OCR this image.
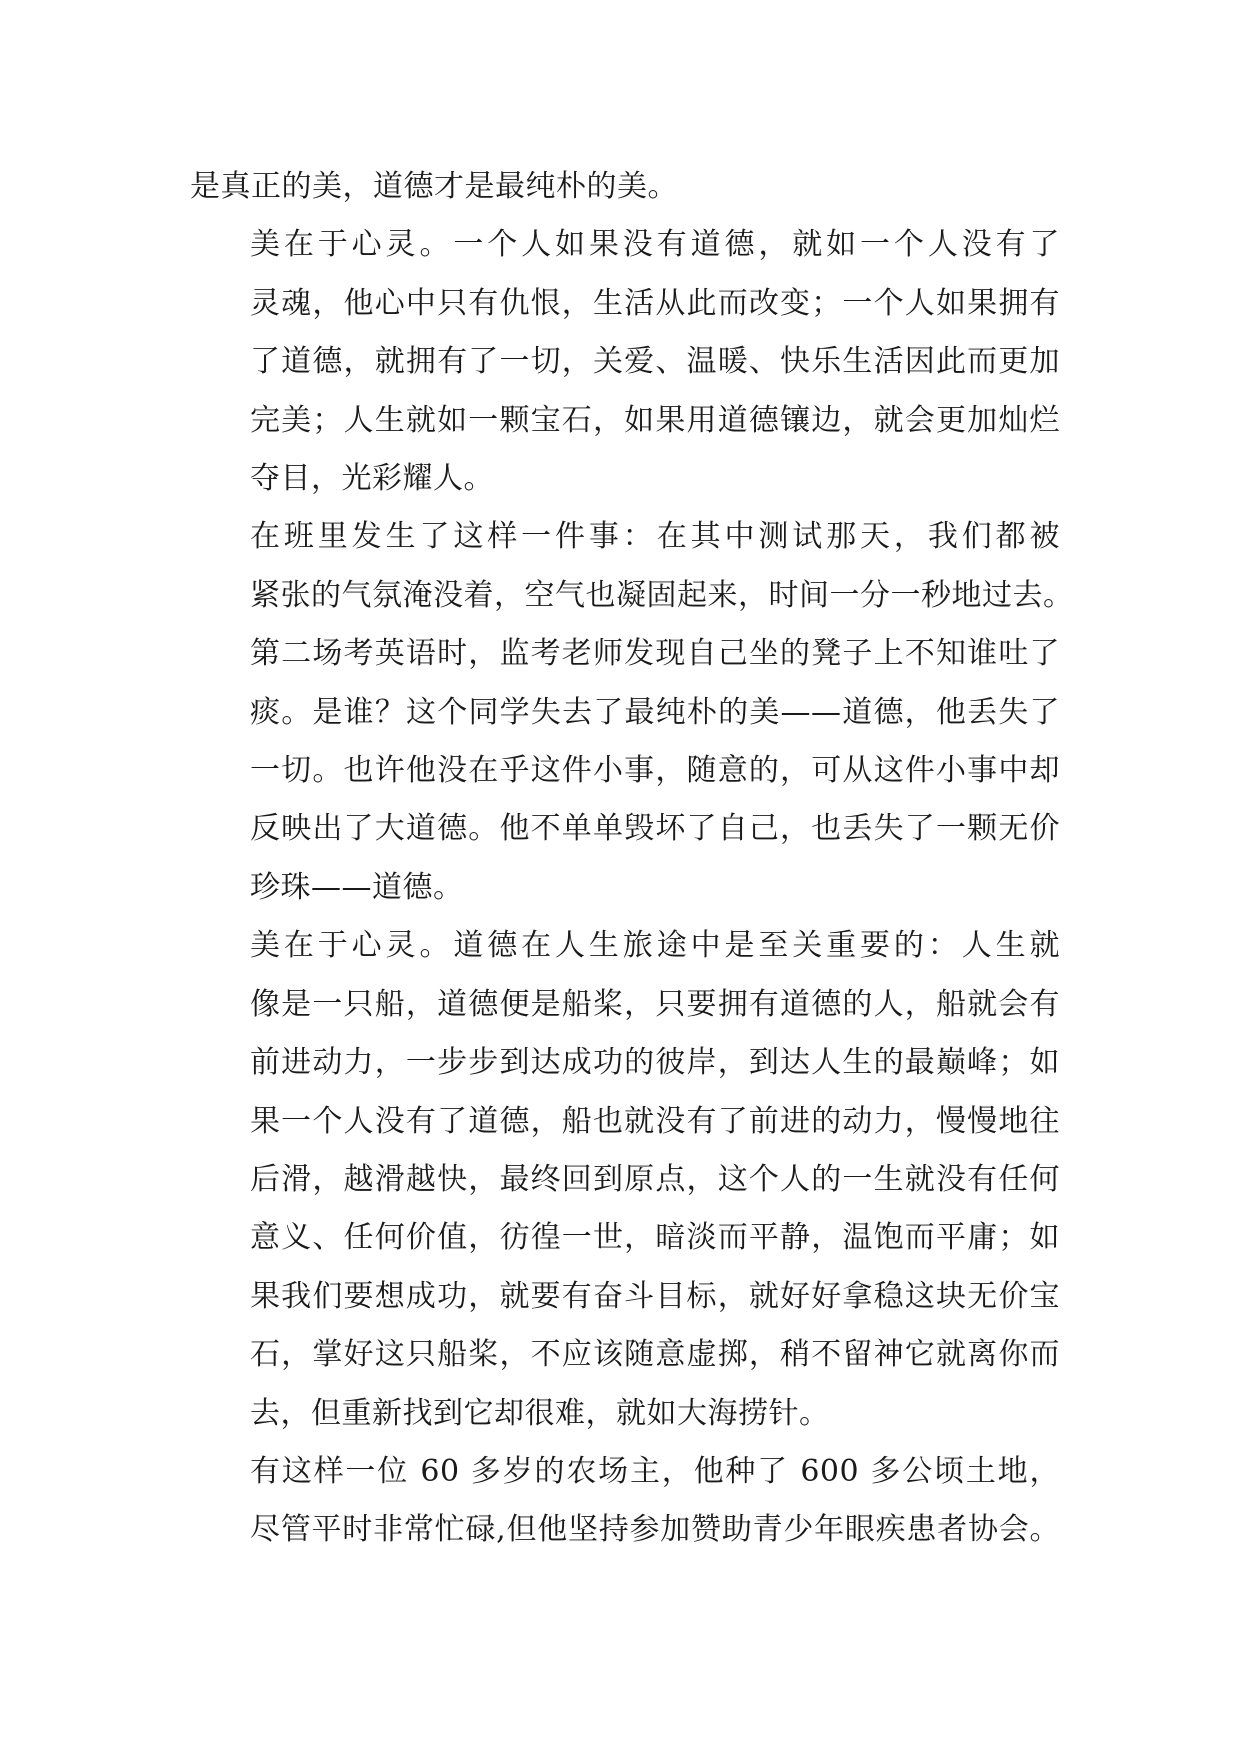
是真正的美，道德才是最纯朴的美。

美在于心灵。一个人如果没有道德，就如一个人没有了
灵魂，他心中只有仇恨，生活从此而改变；一个人如果拥有
了道德，就拥有了一切，关爱、温暖、快乐生活因此而更加
完美；人生就如一颗宝石，如果用道德镶边，就会更加灿烂
夺目，光彩耀人。

在班里发生了这样一件事：在其中测试那天，我们都被
紧张的气氛淹没着，空气也凝固起来，时间一分一秒地过去。
第二场考英语时，监考老师发现自己坐的凳子上不知谁吐了
痰。是谁？这个同学失去了最纯朴的美——道德，他丢失了
一切。也许他没在乎这件小事，随意的，可从这件小事中却
反映出了大道德。他不单单毁坏了自己，也丢失了一颗无价
珍珠——道德。

美在于心灵。道德在人生旅途中是至关重要的：人生就
像是一只船，道德便是船桨，只要拥有道德的人，船就会有
前进动力，一步步到达成功的彼岸，到达人生的最巅峰；如
果一个人没有了道德，船也就没有了前进的动力，慢慢地往
后滑，越滑越快，最终回到原点，这个人的一生就没有任何
意义、任何价值，彷徨一世，暗淡而平静，温饱而平庸；如
果我们要想成功，就要有奋斗目标，就好好拿稳这块无价宝
石，掌好这只船桨，不应该随意虚掷，稍不留神它就离你而
去，但重新找到它却很难，就如大海捞针。

有这样一位 60 多岁的农场主，他种了 600 多公顷土地，
尽管平时非常忙碌,但他坚持参加赞助青少年眼疾患者协会。
